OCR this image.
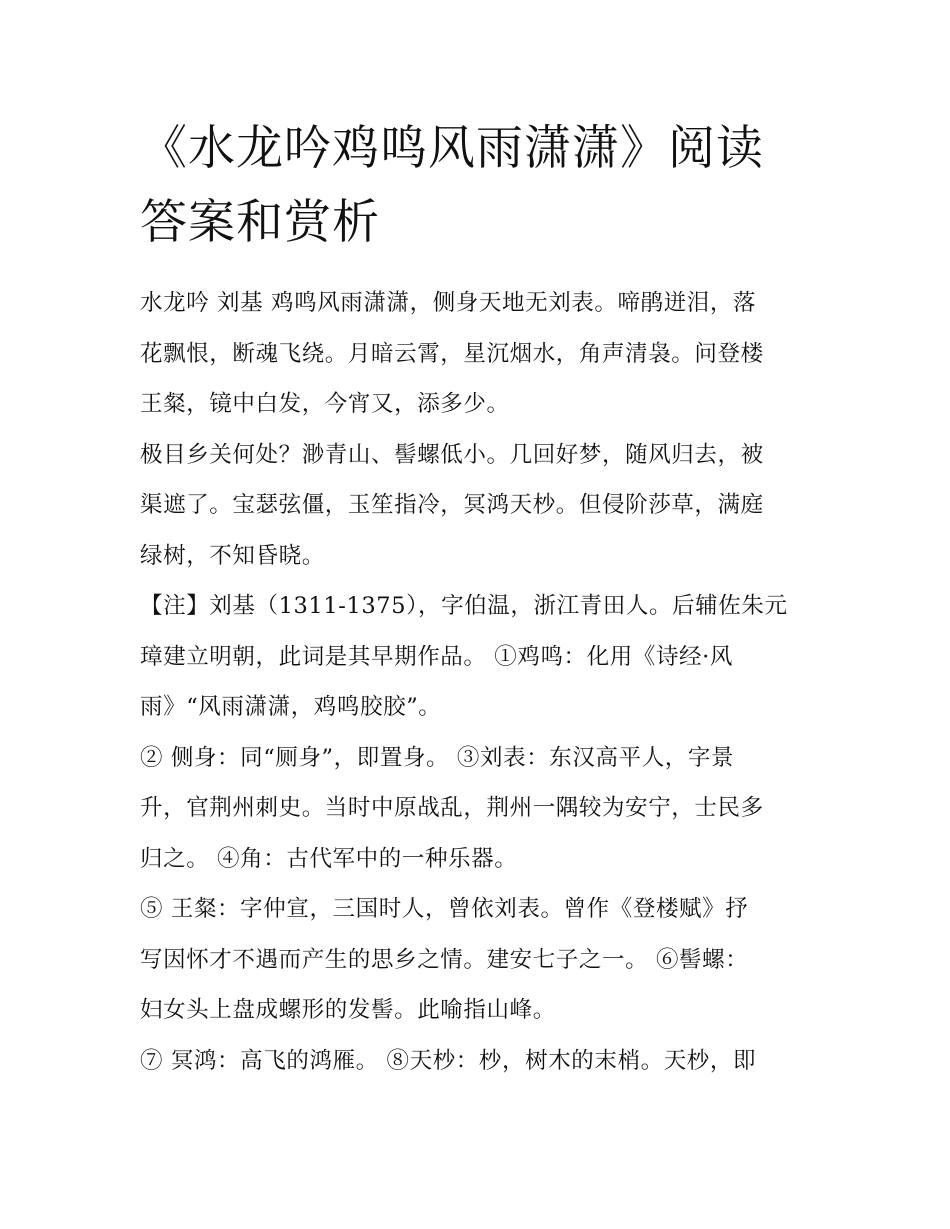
《水龙吟鸡鸣风雨潇潇》阅读
答案和赏析
水龙吟 刘基 鸡鸣风雨潇潇，侧身天地无刘表。啼鹃迸泪，落
花飘恨，断魂飞绕。月暗云霄，星沉烟水，角声清袅。问登楼
王粲，镜中白发，今宵又，添多少。
极目乡关何处？渺青山、髻螺低小。几回好梦，随风归去，被
渠遮了。宝瑟弦僵，玉笙指冷，冥鸿天杪。但侵阶莎草，满庭
绿树，不知昏晓。
【注】刘基（1311-1375），字伯温，浙江青田人。后辅佐朱元
璋建立明朝，此词是其早期作品。 ①鸡鸣：化用《诗经·风
雨》“风雨潇潇，鸡鸣胶胶”。
② 侧身：同“厕身”，即置身。 ③刘表：东汉高平人，字景
升，官荆州刺史。当时中原战乱，荆州一隅较为安宁，士民多
归之。 ④角：古代军中的一种乐器。
⑤ 王粲：字仲宣，三国时人，曾依刘表。曾作《登楼赋》抒
写因怀才不遇而产生的思乡之情。建安七子之一。 ⑥髻螺：
妇女头上盘成螺形的发髻。此喻指山峰。
⑦ 冥鸿：高飞的鸿雁。 ⑧天杪：杪，树木的末梢。天杪，即
